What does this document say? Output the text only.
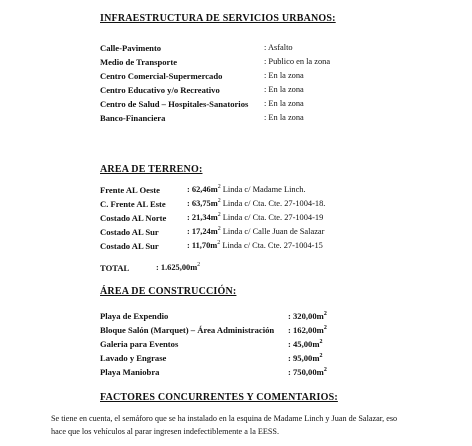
INFRAESTRUCTURA DE SERVICIOS URBANOS:
Calle-Pavimento	: Asfalto
Medio de Transporte	: Publico en la zona
Centro Comercial-Supermercado	: En la zona
Centro Educativo y/o Recreativo	: En la zona
Centro de Salud – Hospitales-Sanatorios : En la zona
Banco-Financiera	: En la zona
AREA DE TERRENO:
Frente AL Oeste	: $62,46m^2$ Linda c/ Madame Linch.
C. Frente AL Este	: $63,75m^2$ Linda c/ Cta. Cte. 27-1004-18.
Costado AL Norte : $21,34m^2$ Linda c/ Cta. Cte. 27-1004-19
Costado AL Sur	: $17,24m^2$ Linda c/ Calle Juan de Salazar
Costado AL Sur	: $11,70m^2$ Linda c/ Cta. Cte. 27-1004-15
TOTAL	: $1.625,00m^2$
ÁREA DE CONSTRUCCIÓN:
Playa de Expendio	: $320,00m^2$
Bloque Salón (Marquet) – Área Administración : $162,00m^2$
Galeria para Eventos	: $45,00m^2$
Lavado y Engrase	: $95,00m^2$
Playa Maniobra	: $750,00m^2$
FACTORES CONCURRENTES Y COMENTARIOS:
Se tiene en cuenta, el semáforo que se ha instalado en la esquina de Madame Linch y Juan de Salazar, eso
hace que los vehículos al parar ingresen indefectiblemente a la EESS.
